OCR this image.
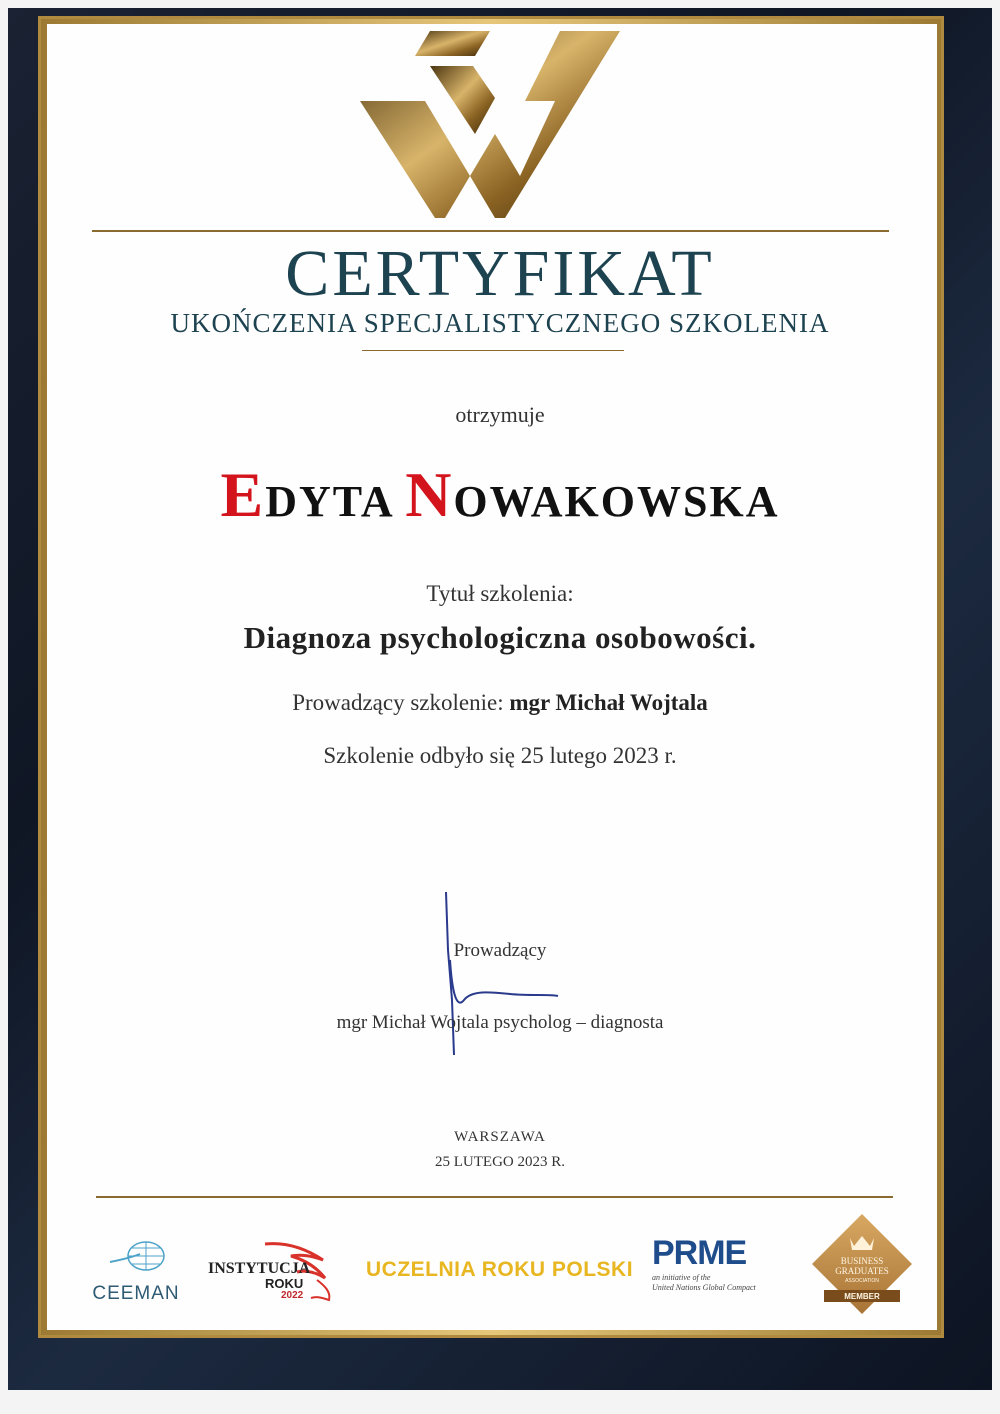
CERTYFIKAT
UKOŃCZENIA SPECJALISTYCZNEGO SZKOLENIA
otrzymuje
EDYTA NOWAKOWSKA
Tytuł szkolenia:
Diagnoza psychologiczna osobowości.
Prowadzący szkolenie: mgr Michał Wojtala
Szkolenie odbyło się 25 lutego 2023 r.
Prowadzący
mgr Michał Wojtala psycholog – diagnosta
WARSZAWA
25 LUTEGO 2023 R.
CEEMAN
INSTYTUCJA
ROKU
2022
UCZELNIA ROKU POLSKI PRME
an initiative of the
United Nations Global Compact
BUSINESS
GRADUATES
ASSOCIATION
MEMBER
